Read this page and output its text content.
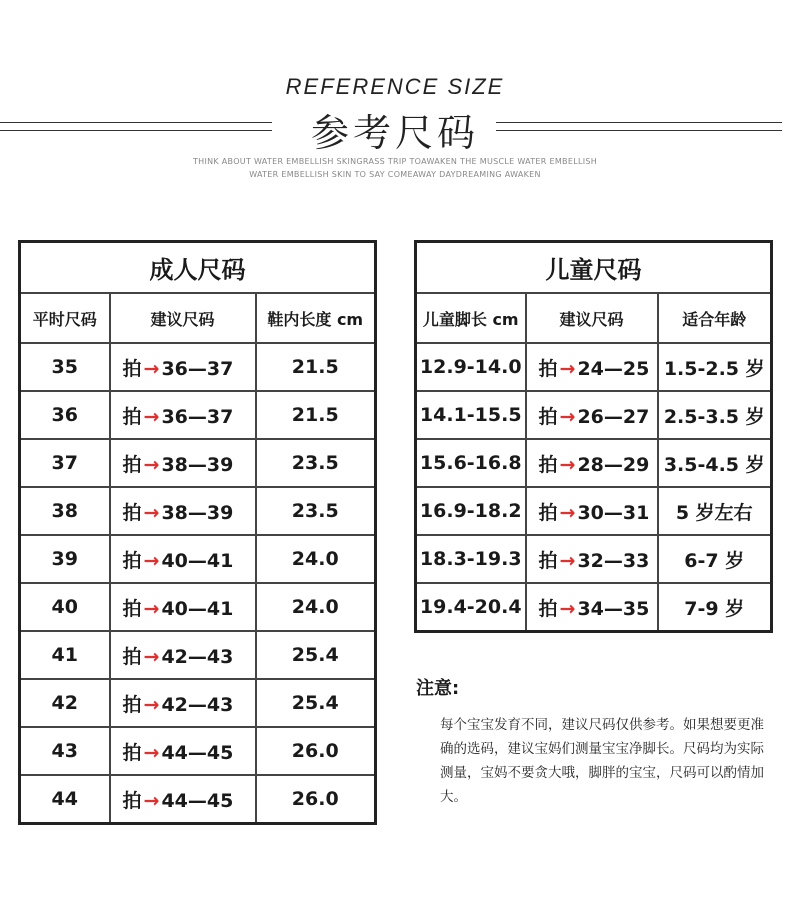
REFERENCE SIZE
参考尺码
THINK ABOUT WATER EMBELLISH SKINGRASS TRIP TOAWAKEN THE MUSCLE WATER EMBELLISH
WATER EMBELLISH SKIN TO SAY COMEAWAY DAYDREAMING AWAKEN
成人尺码		
平时尺码	建议尺码	鞋内长度 cm
35	拍 → 36—37	21.5
36	拍 → 36—37	21.5
37	拍 → 38—39	23.5
38	拍 → 38—39	23.5
39	拍 → 40—41	24.0
40	拍 → 40—41	24.0
41	拍 → 42—43	25.4
42	拍 → 42—43	25.4
43	拍 → 44—45	26.0
44	拍 → 44—45	26.0
儿童尺码		
儿童脚长 cm	建议尺码	适合年龄
12.9-14.0	拍 → 24—25	1.5-2.5 岁
14.1-15.5	拍 → 26—27	2.5-3.5 岁
15.6-16.8	拍 → 28—29	3.5-4.5 岁
16.9-18.2	拍 → 30—31	5 岁左右
18.3-19.3	拍 → 32—33	6-7 岁
19.4-20.4	拍 → 34—35	7-9 岁
注意:
每个宝宝发育不同，建议尺码仅供参考。如果想要更准确的选码，建议宝妈们测量宝宝净脚长。尺码均为实际测量，宝妈不要贪大哦，脚胖的宝宝，尺码可以酌情加大。
